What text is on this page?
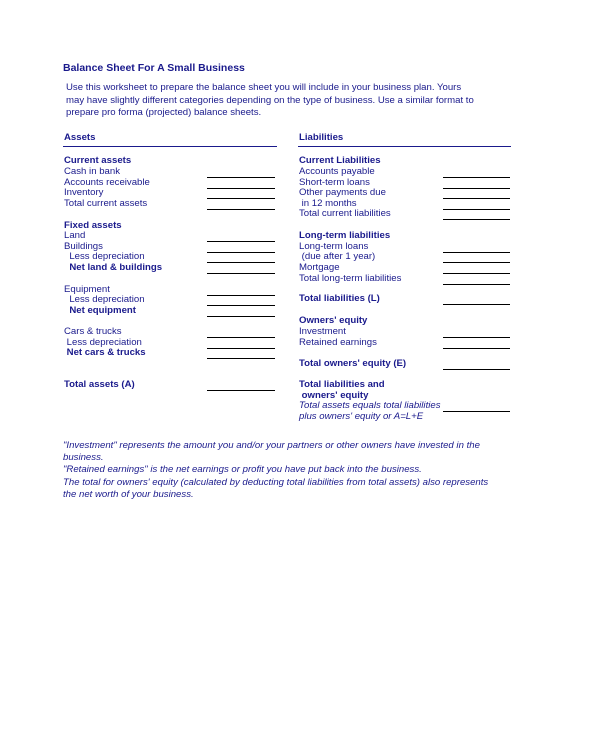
Balance Sheet For A Small Business
Use this worksheet to prepare the balance sheet you will include in your business plan. Yours
may have slightly different categories depending on the type of business. Use a similar format to
prepare pro forma (projected) balance sheets.
Assets	Liabilities
Current assets
Cash in bank
Accounts receivable
Inventory
Total current assets
Fixed assets
Land
Buildings
Less depreciation
Net land & buildings
Equipment
Less depreciation
Net equipment
Cars & trucks
Less depreciation
Net cars & trucks
Total assets (A)
Current Liabilities
Accounts payable
Short-term loans
Other payments due
in 12 months
Total current liabilities
Long-term liabilities
Long-term loans
(due after 1 year)
Mortgage
Total long-term liabilities
Total liabilities (L)
Owners' equity
Investment
Retained earnings
Total owners' equity (E)
Total liabilities and
owners' equity
Total assets equals total liabilities
plus owners' equity or A=L+E
"Investment" represents the amount you and/or your partners or other owners have invested in the
business.
"Retained earnings" is the net earnings or profit you have put back into the business.
The total for owners' equity (calculated by deducting total liabilities from total assets) also represents
the net worth of your business.
